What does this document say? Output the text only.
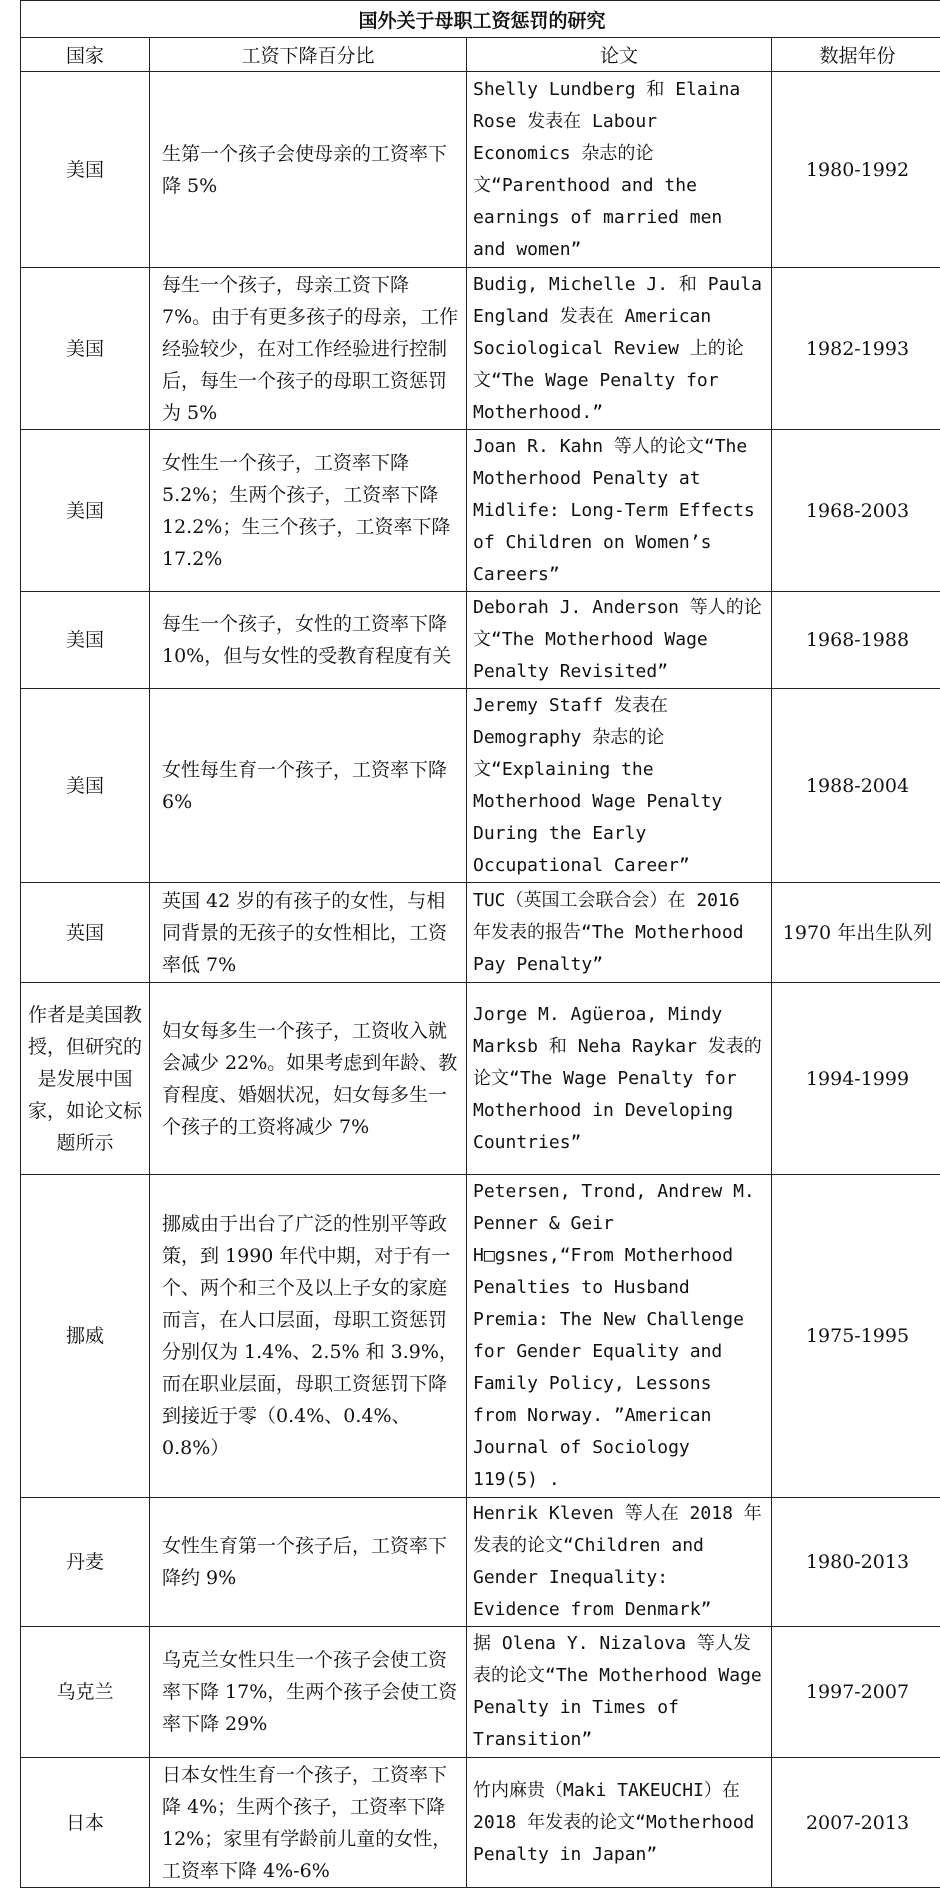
国外关于母职工资惩罚的研究			
国家	工资下降百分比	论文	数据年份
美国	生第一个孩子会使母亲的工资率下降 5%	Shelly Lundberg 和 Elaina Rose 发表在 Labour Economics 杂志的论文“Parenthood and the earnings of married men and women”	1980-1992
美国	每生一个孩子，母亲工资下降 7%。由于有更多孩子的母亲，工作经验较少，在对工作经验进行控制后，每生一个孩子的母职工资惩罚为 5%	Budig, Michelle J. 和 Paula England 发表在 American Sociological Review 上的论文“The Wage Penalty for Motherhood.”	1982-1993
美国	女性生一个孩子，工资率下降 5.2%；生两个孩子，工资率下降 12.2%；生三个孩子，工资率下降 17.2%	Joan R. Kahn 等人的论文“The Motherhood Penalty at Midlife: Long-Term Effects of Children on Women’s Careers”	1968-2003
美国	每生一个孩子，女性的工资率下降 10%，但与女性的受教育程度有关	Deborah J. Anderson 等人的论文“The Motherhood Wage Penalty Revisited”	1968-1988
美国	女性每生育一个孩子，工资率下降 6%	Jeremy Staff 发表在 Demography 杂志的论文“Explaining the Motherhood Wage Penalty During the Early Occupational Career”	1988-2004
英国	英国 42 岁的有孩子的女性，与相同背景的无孩子的女性相比，工资率低 7%	TUC（英国工会联合会）在 2016 年发表的报告“The Motherhood Pay Penalty”	1970 年出生队列
作者是美国教授，但研究的是发展中国家，如论文标题所示	妇女每多生一个孩子，工资收入就会减少 22%。如果考虑到年龄、教育程度、婚姻状况，妇女每多生一个孩子的工资将减少 7%	Jorge M. Agüeroa, Mindy Marksb 和 Neha Raykar 发表的论文“The Wage Penalty for Motherhood in Developing Countries”	1994-1999
挪威	挪威由于出台了广泛的性别平等政策，到 1990 年代中期，对于有一个、两个和三个及以上子女的家庭而言，在人口层面，母职工资惩罚分别仅为 1.4%、2.5% 和 3.9%，而在职业层面，母职工资惩罚下降到接近于零（0.4%、0.4%、0.8%）	Petersen, Trond, Andrew M. Penner & Geir H□gsnes,“From Motherhood Penalties to Husband Premia: The New Challenge for Gender Equality and Family Policy, Lessons from Norway. ”American Journal of Sociology 119(5) .	1975-1995
丹麦	女性生育第一个孩子后，工资率下降约 9%	Henrik Kleven 等人在 2018 年发表的论文“Children and Gender Inequality: Evidence from Denmark”	1980-2013
乌克兰	乌克兰女性只生一个孩子会使工资率下降 17%，生两个孩子会使工资率下降 29%	据 Olena Y. Nizalova 等人发表的论文“The Motherhood Wage Penalty in Times of Transition”	1997-2007
日本	日本女性生育一个孩子，工资率下降 4%；生两个孩子，工资率下降 12%；家里有学龄前儿童的女性，工资率下降 4%-6%	竹内麻贵（Maki TAKEUCHI）在 2018 年发表的论文“Motherhood Penalty in Japan”	2007-2013
